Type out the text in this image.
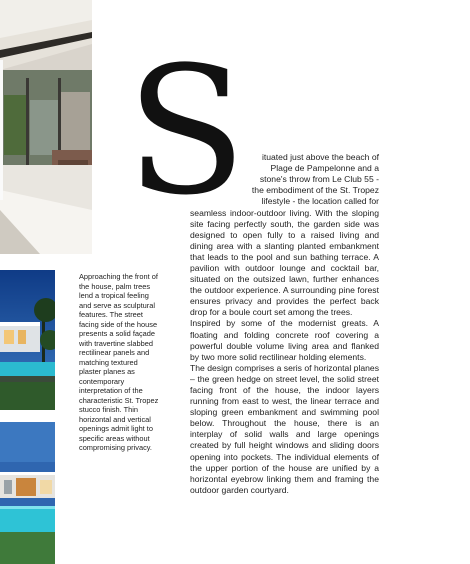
Approaching the front of the house, palm trees lend a tropical feeling and serve as sculptural features. The street facing side of the house presents a solid façade with travertine slabbed rectilinear panels and matching textured plaster planes as contemporary interpretation of the characteristic St. Tropez stucco finish. Thin horizontal and vertical openings admit light to specific areas without compromising privacy.
S	ituated just above the beach of
Plage de Pampelonne and a
stone's throw from Le Club 55 -
the embodiment of the St. Tropez
lifestyle - the location called for

seamless indoor-outdoor living. With the sloping site facing perfectly south, the garden side was designed to open fully to a raised living and dining area with a slanting planted embankment that leads to the pool and sun bathing terrace. A pavilion with outdoor lounge and cocktail bar, situated on the outsized lawn, further enhances the outdoor experience. A surrounding pine forest ensures privacy and provides the perfect back drop for a boule court set among the trees.

Inspired by some of the modernist greats. A floating and folding concrete roof covering a powerful double volume living area and flanked by two more solid rectilinear holding elements.

The design comprises a seris of horizontal planes – the green hedge on street level, the solid street facing front of the house, the indoor layers running from east to west, the linear terrace and sloping green embankment and swimming pool below. Throughout the house, there is an interplay of solid walls and large openings created by full height windows and sliding doors opening into pockets. The individual elements of the upper portion of the house are unified by a horizontal eyebrow linking them and framing the outdoor garden courtyard.
